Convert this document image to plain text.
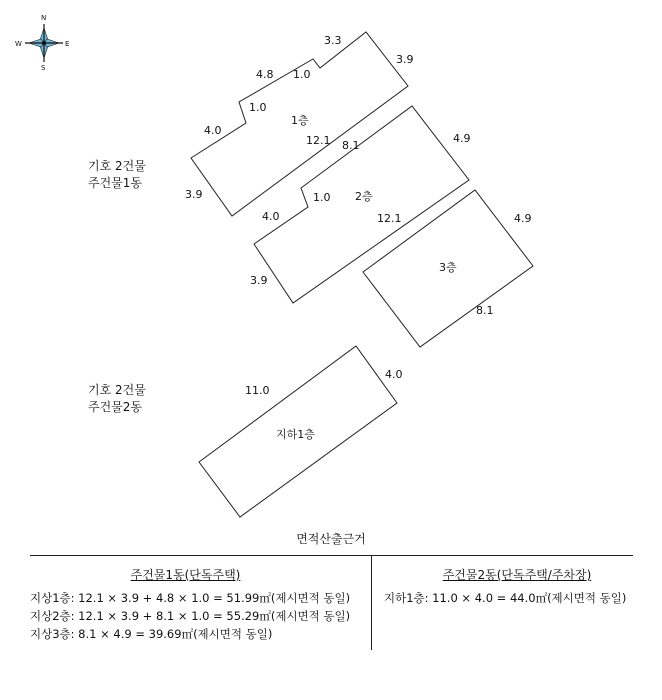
N
S
W	E
기호 2건물
주건물1동
1층
3.3
3.9
4.8 1.0
1.0
4.0
3.9
12.1 8.1
2층
4.9
1.0
4.0
3.9
12.1
3층
4.9
8.1
기호 2건물
주건물2동
지하1층
11.0
4.0
면적산출근거
주건물1동(단독주택)
지상1층: 12.1 × 3.9 + 4.8 × 1.0 = 51.99㎡(제시면적 동일)
지상2층: 12.1 × 3.9 + 8.1 × 1.0 = 55.29㎡(제시면적 동일)
지상3층: 8.1 × 4.9 = 39.69㎡(제시면적 동일)
주건물2동(단독주택/주차장)
지하1층: 11.0 × 4.0 = 44.0㎡(제시면적 동일)
